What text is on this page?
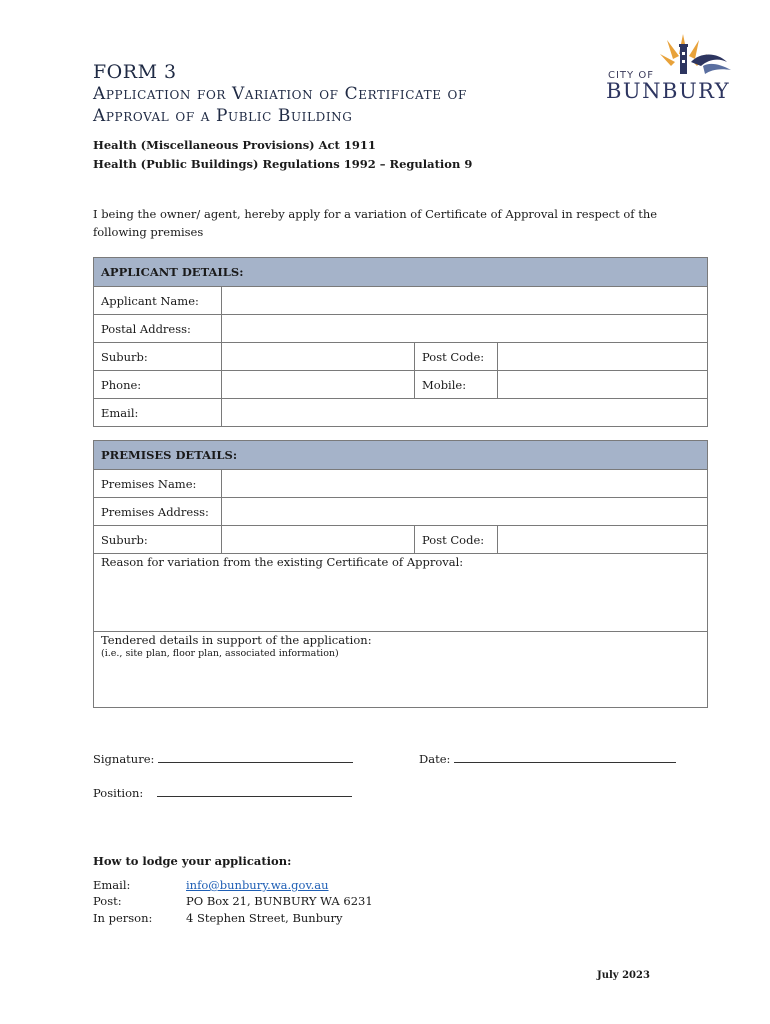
FORM 3
Application for Variation of Certificate of
Approval of a Public Building
Health (Miscellaneous Provisions) Act 1911
Health (Public Buildings) Regulations 1992 – Regulation 9
CITY OF
BUNBURY
I being the owner/ agent, hereby apply for a variation of Certificate of Approval in respect of the following premises
APPLICANT DETAILS:			
Applicant Name:			
Postal Address:			
Suburb:		Post Code:	
Phone:		Mobile:	
Email:			
PREMISES DETAILS:			
Premises Name:			
Premises Address:			
Suburb:		Post Code:	
Reason for variation from the existing Certificate of Approval:			
Tendered details in support of the application:
(i.e., site plan, floor plan, associated information)			
Signature:	Date:
Position:
How to lodge your application:
Email:	info@bunbury.wa.gov.au
Post:	PO Box 21, BUNBURY WA 6231
In person:	4 Stephen Street, Bunbury
July 2023
